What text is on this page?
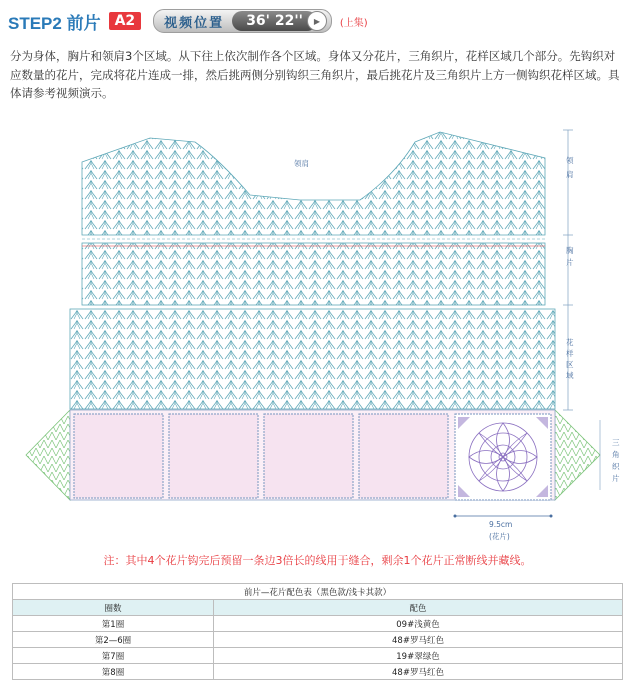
STEP2 前片	A2	视频位置	36' 22''	▶	(上集)
分为身体，胸片和领肩3个区域。从下往上依次制作各个区域。身体又分花片，三角织片，花样区域几个部分。先钩织对应数量的花片，完成将花片连成一排，然后挑两侧分别钩织三角织片，最后挑花片及三角织片上方一侧钩织花样区域。具体请参考视频演示。
领肩	领
肩
胸
片
花
样
区
域
三
角
织
片
9.5cm
(花片)
注：其中4个花片钩完后预留一条边3倍长的线用于缝合，剩余1个花片正常断线并藏线。
前片—花片配色表（黑色款/浅卡其款）	
圈数	配色
第1圈	09#浅黄色
第2—6圈	48#罗马红色
第7圈	19#翠绿色
第8圈	48#罗马红色
